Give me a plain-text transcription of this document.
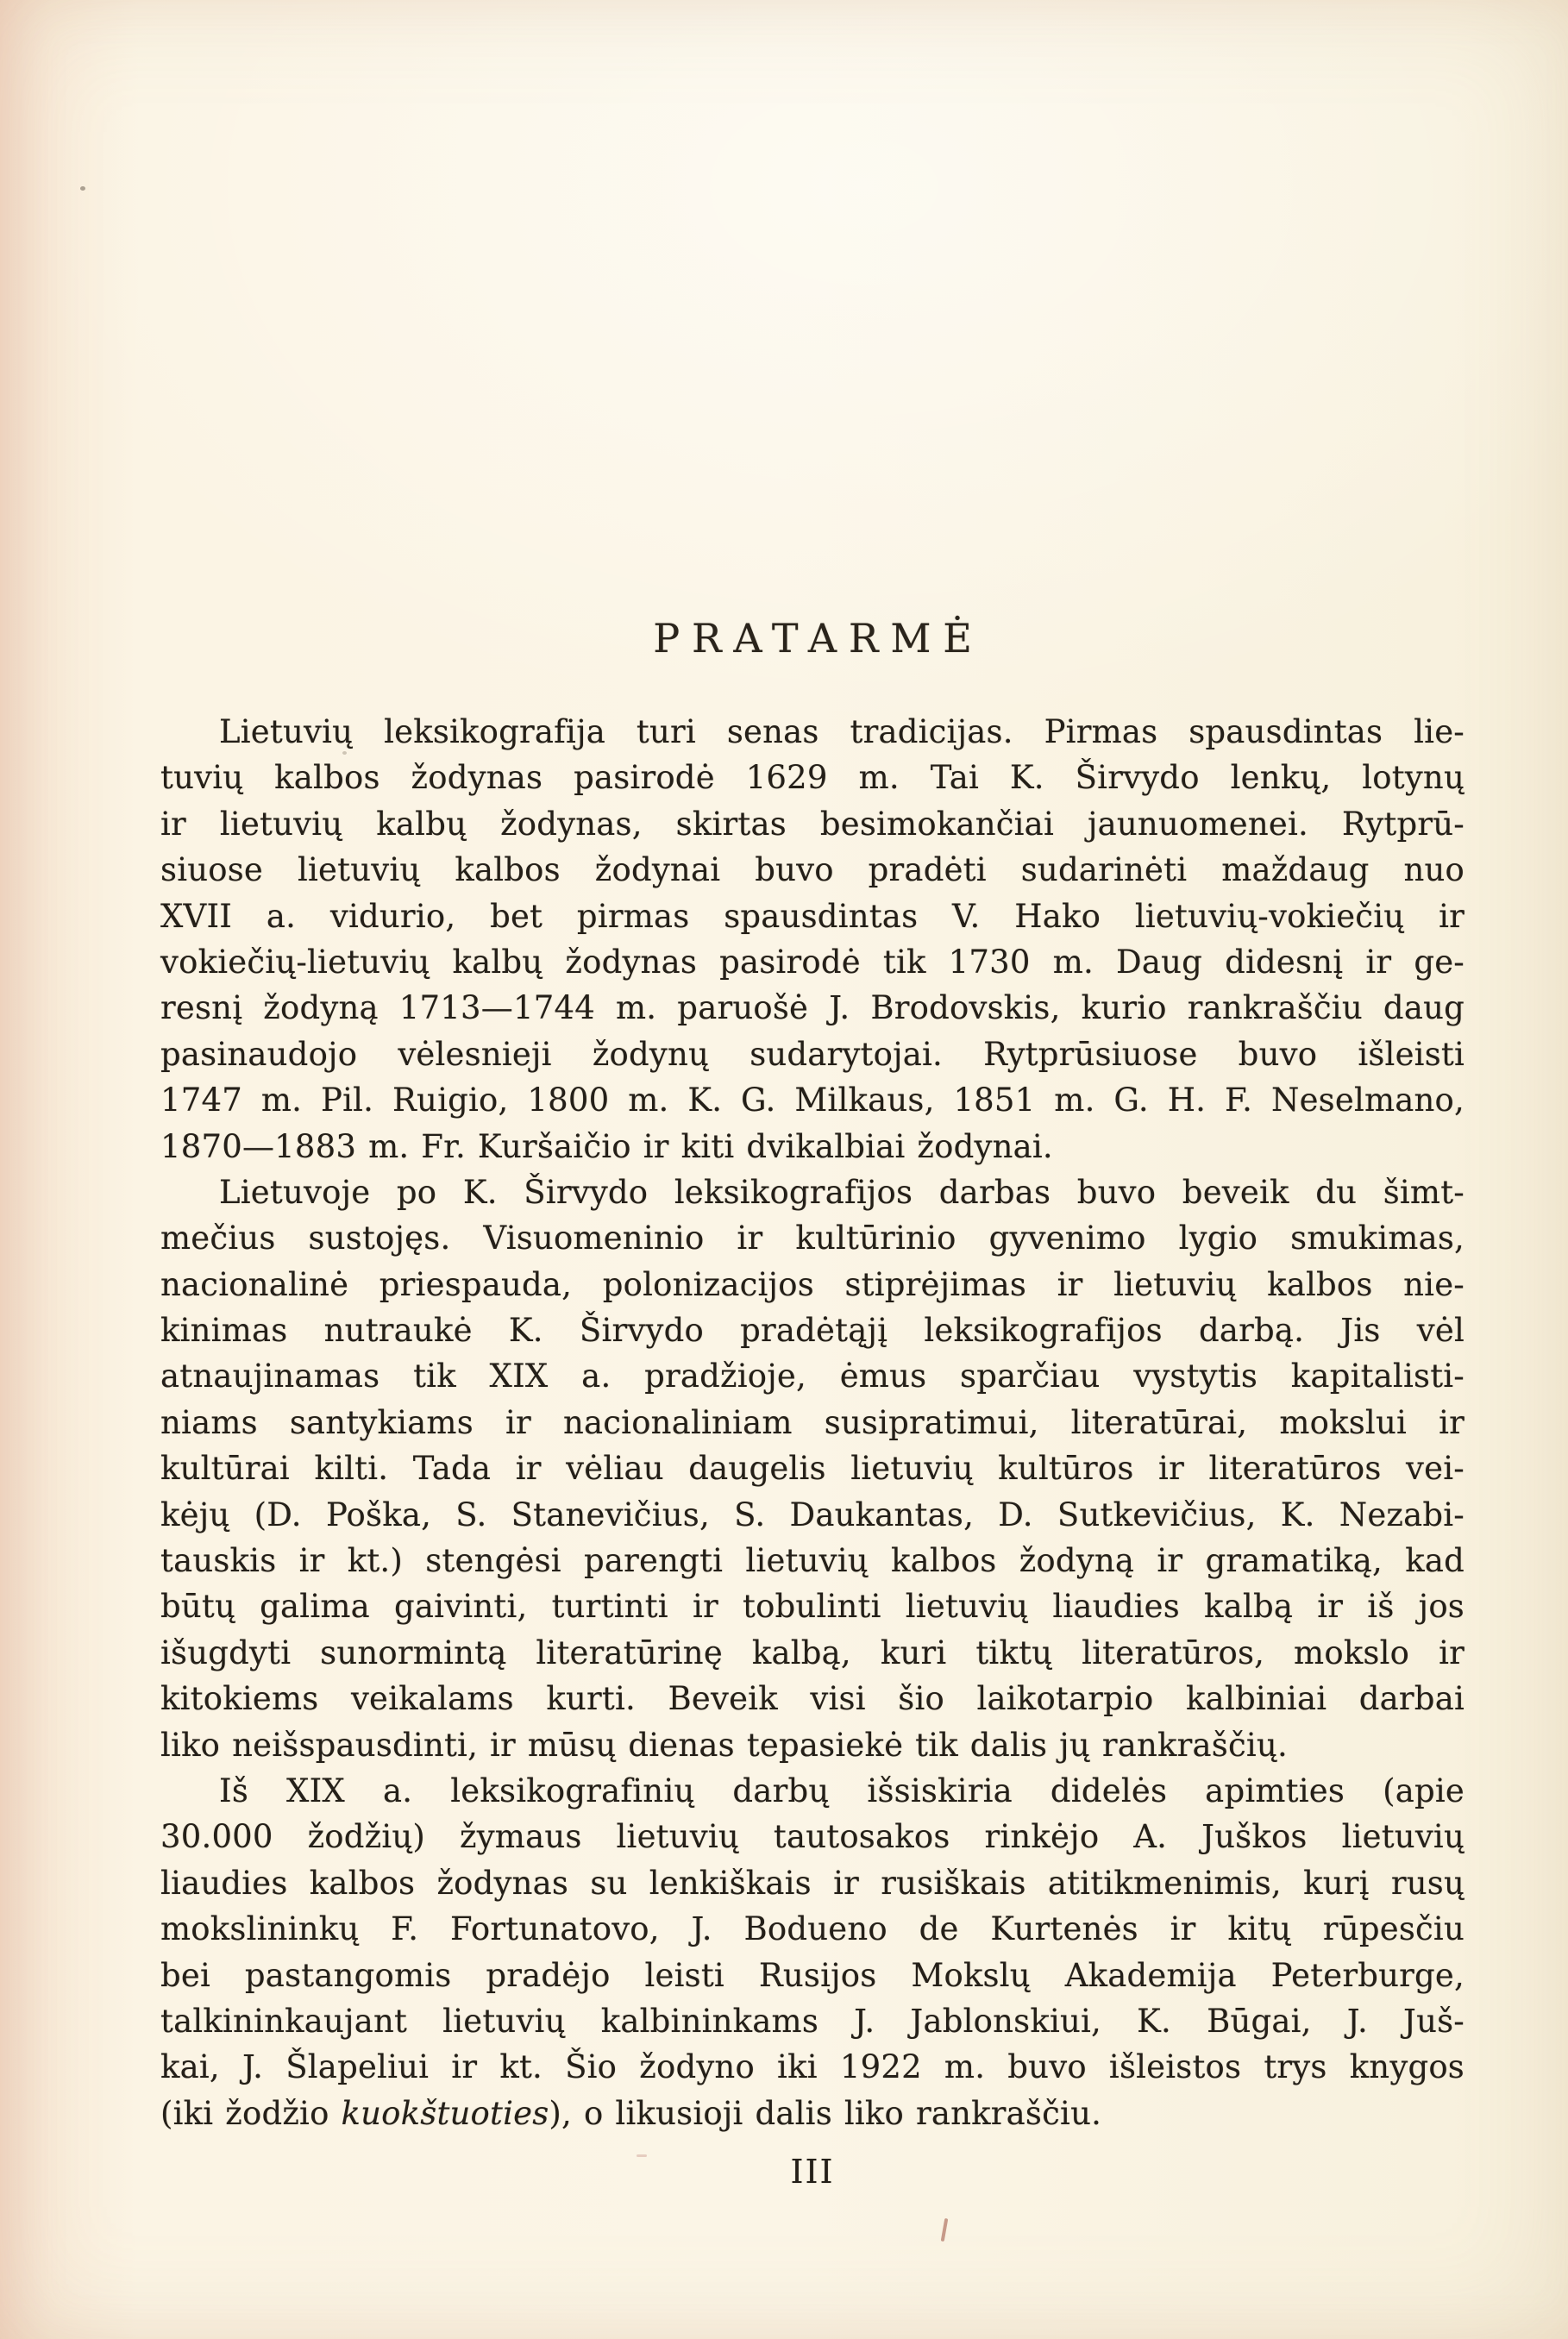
PRATARMĖ

Lietuvių leksikografija turi senas tradicijas. Pirmas spausdintas lie-
tuvių kalbos žodynas pasirodė 1629 m. Tai K. Širvydo lenkų, lotynų
ir lietuvių kalbų žodynas, skirtas besimokančiai jaunuomenei. Rytprū-
siuose lietuvių kalbos žodynai buvo pradėti sudarinėti maždaug nuo
XVII a. vidurio, bet pirmas spausdintas V. Hako lietuvių-vokiečių ir
vokiečių-lietuvių kalbų žodynas pasirodė tik 1730 m. Daug didesnį ir ge-
resnį žodyną 1713—1744 m. paruošė J. Brodovskis, kurio rankraščiu daug
pasinaudojo vėlesnieji žodynų sudarytojai. Rytprūsiuose buvo išleisti
1747 m. Pil. Ruigio, 1800 m. K. G. Milkaus, 1851 m. G. H. F. Neselmano,
1870—1883 m. Fr. Kuršaičio ir kiti dvikalbiai žodynai.

Lietuvoje po K. Širvydo leksikografijos darbas buvo beveik du šimt-
mečius sustojęs. Visuomeninio ir kultūrinio gyvenimo lygio smukimas,
nacionalinė priespauda, polonizacijos stiprėjimas ir lietuvių kalbos nie-
kinimas nutraukė K. Širvydo pradėtąjį leksikografijos darbą. Jis vėl
atnaujinamas tik XIX a. pradžioje, ėmus sparčiau vystytis kapitalisti-
niams santykiams ir nacionaliniam susipratimui, literatūrai, mokslui ir
kultūrai kilti. Tada ir vėliau daugelis lietuvių kultūros ir literatūros vei-
kėjų (D. Poška, S. Stanevičius, S. Daukantas, D. Sutkevičius, K. Nezabi-
tauskis ir kt.) stengėsi parengti lietuvių kalbos žodyną ir gramatiką, kad
būtų galima gaivinti, turtinti ir tobulinti lietuvių liaudies kalbą ir iš jos
išugdyti sunormintą literatūrinę kalbą, kuri tiktų literatūros, mokslo ir
kitokiems veikalams kurti. Beveik visi šio laikotarpio kalbiniai darbai
liko neišspausdinti, ir mūsų dienas tepasiekė tik dalis jų rankraščių.

Iš XIX a. leksikografinių darbų išsiskiria didelės apimties (apie
30.000 žodžių) žymaus lietuvių tautosakos rinkėjo A. Juškos lietuvių
liaudies kalbos žodynas su lenkiškais ir rusiškais atitikmenimis, kurį rusų
mokslininkų F. Fortunatovo, J. Bodueno de Kurtenės ir kitų rūpesčiu
bei pastangomis pradėjo leisti Rusijos Mokslų Akademija Peterburge,
talkininkaujant lietuvių kalbininkams J. Jablonskiui, K. Būgai, J. Juš-
kai, J. Šlapeliui ir kt. Šio žodyno iki 1922 m. buvo išleistos trys knygos
(iki žodžio kuokštuoties), o likusioji dalis liko rankraščiu.

III
